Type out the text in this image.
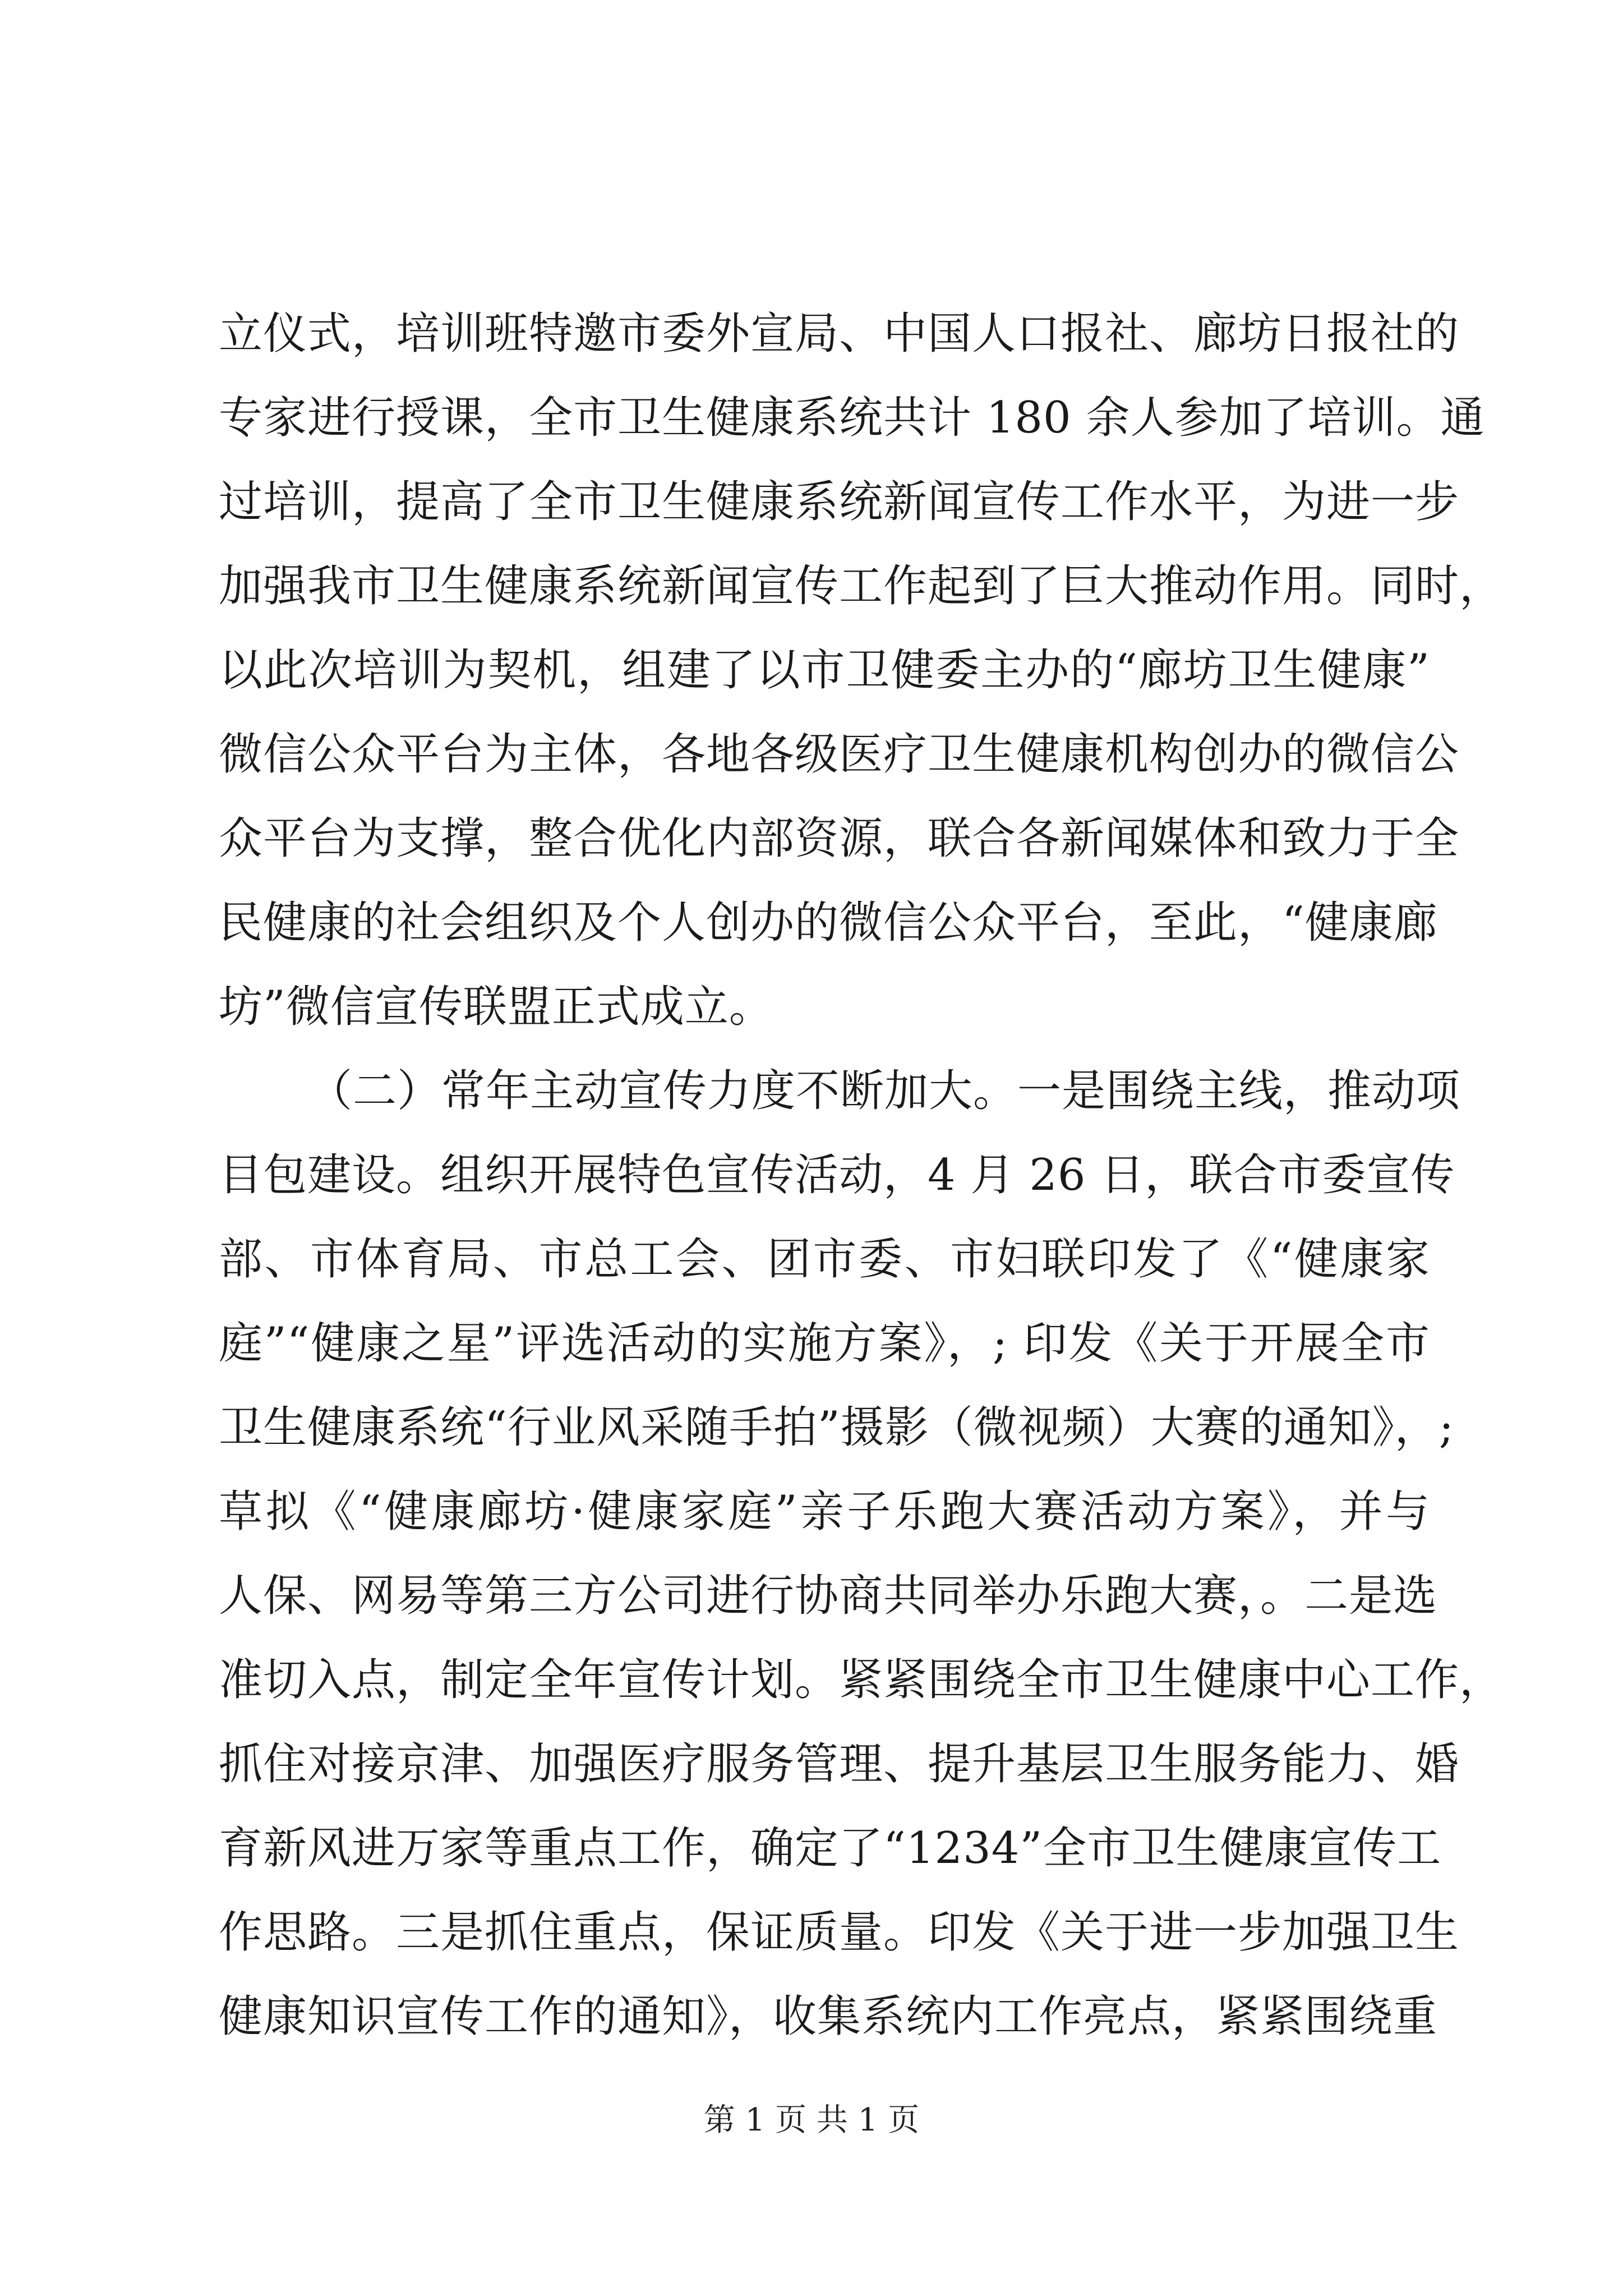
立仪式，培训班特邀市委外宣局、中国人口报社、廊坊日报社的
专家进行授课，全市卫生健康系统共计 180 余人参加了培训。通
过培训，提高了全市卫生健康系统新闻宣传工作水平，为进一步
加强我市卫生健康系统新闻宣传工作起到了巨大推动作用。同时，
以此次培训为契机，组建了以市卫健委主办的“廊坊卫生健康”
微信公众平台为主体，各地各级医疗卫生健康机构创办的微信公
众平台为支撑，整合优化内部资源，联合各新闻媒体和致力于全
民健康的社会组织及个人创办的微信公众平台，至此，“健康廊
坊”微信宣传联盟正式成立。
（二）常年主动宣传力度不断加大。一是围绕主线，推动项
目包建设。组织开展特色宣传活动，4 月 26 日，联合市委宣传
部、市体育局、市总工会、团市委、市妇联印发了《“健康家
庭”“健康之星”评选活动的实施方案》，; 印发《关于开展全市
卫生健康系统“行业风采随手拍”摄影（微视频）大赛的通知》，;
草拟《“健康廊坊·健康家庭”亲子乐跑大赛活动方案》，并与
人保、网易等第三方公司进行协商共同举办乐跑大赛，。二是选
准切入点，制定全年宣传计划。紧紧围绕全市卫生健康中心工作，
抓住对接京津、加强医疗服务管理、提升基层卫生服务能力、婚
育新风进万家等重点工作，确定了“1234”全市卫生健康宣传工
作思路。三是抓住重点，保证质量。印发《关于进一步加强卫生
健康知识宣传工作的通知》，收集系统内工作亮点，紧紧围绕重
第 1 页 共 1 页
